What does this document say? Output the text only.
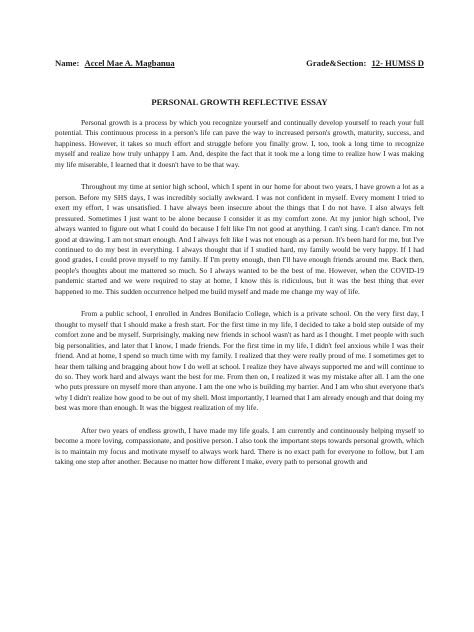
Name: Accel Mae A. Magbanua	Grade&Section: 12- HUMSS D
PERSONAL GROWTH REFLECTIVE ESSAY

Personal growth is a process by which you recognize yourself and continually develop yourself to reach your full potential. This continuous process in a person's life can pave the way to increased person's growth, maturity, success, and happiness. However, it takes so much effort and struggle before you finally grow. I, too, took a long time to recognize myself and realize how truly unhappy I am. And, despite the fact that it took me a long time to realize how I was making my life miserable, I learned that it doesn't have to be that way.

Throughout my time at senior high school, which I spent in our home for about two years, I have grown a lot as a person. Before my SHS days, I was incredibly socially awkward. I was not confident in myself. Every moment I tried to exert my effort, I was unsatisfied. I have always been insecure about the things that I do not have. I also always felt pressured. Sometimes I just want to be alone because I consider it as my comfort zone. At my junior high school, I've always wanted to figure out what I could do because I felt like I'm not good at anything. I can't sing. I can't dance. I'm not good at drawing. I am not smart enough. And I always felt like I was not enough as a person. It's been hard for me, but I've continued to do my best in everything. I always thought that if I studied hard, my family would be very happy. If I had good grades, I could prove myself to my family. If I'm pretty enough, then I'll have enough friends around me. Back then, people's thoughts about me mattered so much. So I always wanted to be the best of me. However, when the COVID-19 pandemic started and we were required to stay at home, I know this is ridiculous, but it was the best thing that ever happened to me. This sudden occurrence helped me build myself and made me change my way of life.

From a public school, I enrolled in Andres Bonifacio College, which is a private school. On the very first day, I thought to myself that I should make a fresh start. For the first time in my life, I decided to take a bold step outside of my comfort zone and be myself. Surprisingly, making new friends in school wasn't as hard as I thought. I met people with such big personalities, and later that I know, I made friends. For the first time in my life, I didn't feel anxious while I was their friend. And at home, I spend so much time with my family. I realized that they were really proud of me. I sometimes get to hear them talking and bragging about how I do well at school. I realize they have always supported me and will continue to do so. They work hard and always want the best for me. From then on, I realized it was my mistake after all. I am the one who puts pressure on myself more than anyone. I am the one who is building my barrier. And I am who shut everyone that's why I didn't realize how good to be out of my shell. Most importantly, I learned that I am already enough and that doing my best was more than enough. It was the biggest realization of my life.

After two years of endless growth, I have made my life goals. I am currently and continuously helping myself to become a more loving, compassionate, and positive person. I also took the important steps towards personal growth, which is to maintain my focus and motivate myself to always work hard. There is no exact path for everyone to follow, but I am taking one step after another. Because no matter how different I make, every path to personal growth and
